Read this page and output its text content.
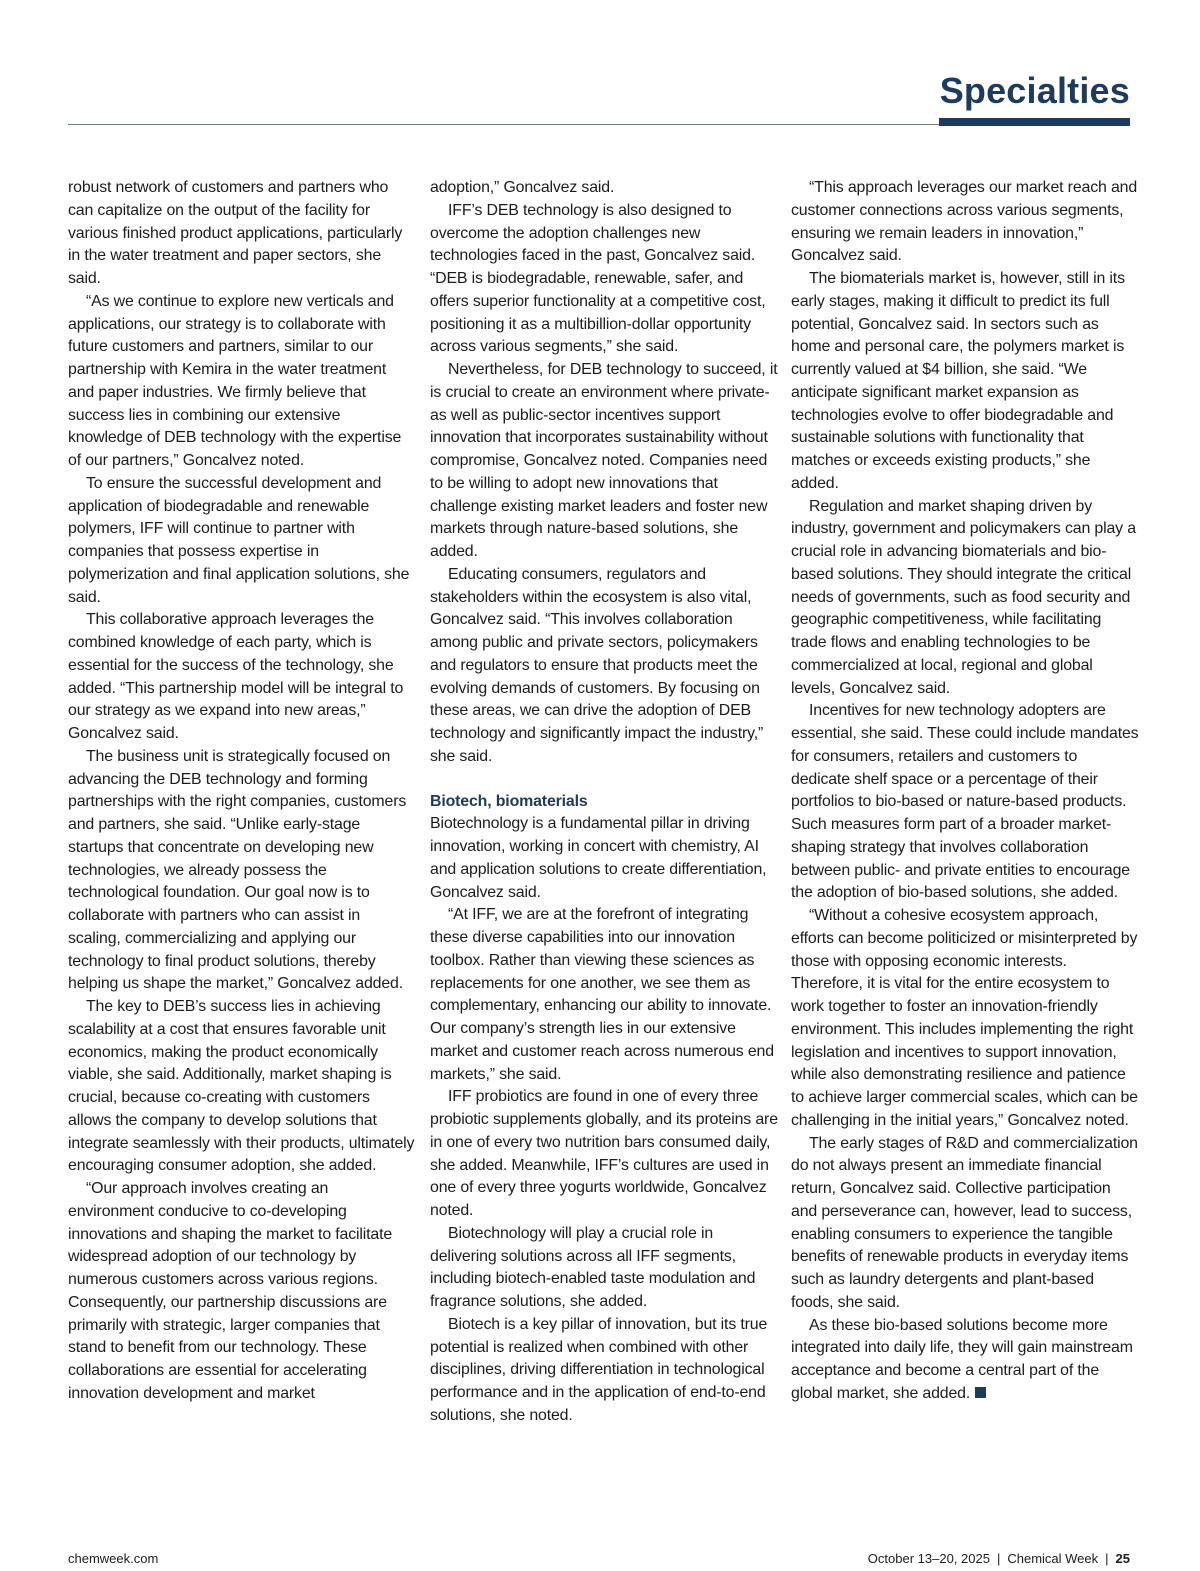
Specialties

robust network of customers and partners who can capitalize on the output of the facility for various finished product applications, particularly in the water treatment and paper sectors, she said.

“As we continue to explore new verticals and applications, our strategy is to collaborate with future customers and partners, similar to our partnership with Kemira in the water treatment and paper industries. We firmly believe that success lies in combining our extensive knowledge of DEB technology with the expertise of our partners,” Goncalvez noted.

To ensure the successful development and application of biodegradable and renewable polymers, IFF will continue to partner with companies that possess expertise in polymerization and final application solutions, she said.

This collaborative approach leverages the combined knowledge of each party, which is essential for the success of the technology, she added. “This partnership model will be integral to our strategy as we expand into new areas,” Goncalvez said.

The business unit is strategically focused on advancing the DEB technology and forming partnerships with the right companies, customers and partners, she said. “Unlike early-stage startups that concentrate on developing new technologies, we already possess the technological foundation. Our goal now is to collaborate with partners who can assist in scaling, commercializing and applying our technology to final product solutions, thereby helping us shape the market,” Goncalvez added.

The key to DEB’s success lies in achieving scalability at a cost that ensures favorable unit economics, making the product economically viable, she said. Additionally, market shaping is crucial, because co-creating with customers allows the company to develop solutions that integrate seamlessly with their products, ultimately encouraging consumer adoption, she added.

“Our approach involves creating an environment conducive to co-developing innovations and shaping the market to facilitate widespread adoption of our technology by numerous customers across various regions. Consequently, our partnership discussions are primarily with strategic, larger companies that stand to benefit from our technology. These collaborations are essential for accelerating innovation development and market

adoption,” Goncalvez said.

IFF’s DEB technology is also designed to overcome the adoption challenges new technologies faced in the past, Goncalvez said. “DEB is biodegradable, renewable, safer, and offers superior functionality at a competitive cost, positioning it as a multibillion-dollar opportunity across various segments,” she said.

Nevertheless, for DEB technology to succeed, it is crucial to create an environment where private- as well as public-sector incentives support innovation that incorporates sustainability without compromise, Goncalvez noted. Companies need to be willing to adopt new innovations that challenge existing market leaders and foster new markets through nature-based solutions, she added.

Educating consumers, regulators and stakeholders within the ecosystem is also vital, Goncalvez said. “This involves collaboration among public and private sectors, policymakers and regulators to ensure that products meet the evolving demands of customers. By focusing on these areas, we can drive the adoption of DEB technology and significantly impact the industry,” she said.

Biotech, biomaterials

Biotechnology is a fundamental pillar in driving innovation, working in concert with chemistry, AI and application solutions to create differentiation, Goncalvez said.

“At IFF, we are at the forefront of integrating these diverse capabilities into our innovation toolbox. Rather than viewing these sciences as replacements for one another, we see them as complementary, enhancing our ability to innovate. Our company’s strength lies in our extensive market and customer reach across numerous end markets,” she said.

IFF probiotics are found in one of every three probiotic supplements globally, and its proteins are in one of every two nutrition bars consumed daily, she added. Meanwhile, IFF’s cultures are used in one of every three yogurts worldwide, Goncalvez noted.

Biotechnology will play a crucial role in delivering solutions across all IFF segments, including biotech-enabled taste modulation and fragrance solutions, she added.

Biotech is a key pillar of innovation, but its true potential is realized when combined with other disciplines, driving differentiation in technological performance and in the application of end-to-end solutions, she noted.

“This approach leverages our market reach and customer connections across various segments, ensuring we remain leaders in innovation,” Goncalvez said.

The biomaterials market is, however, still in its early stages, making it difficult to predict its full potential, Goncalvez said. In sectors such as home and personal care, the polymers market is currently valued at $4 billion, she said. “We anticipate significant market expansion as technologies evolve to offer biodegradable and sustainable solutions with functionality that matches or exceeds existing products,” she added.

Regulation and market shaping driven by industry, government and policymakers can play a crucial role in advancing biomaterials and bio-based solutions. They should integrate the critical needs of governments, such as food security and geographic competitiveness, while facilitating trade flows and enabling technologies to be commercialized at local, regional and global levels, Goncalvez said.

Incentives for new technology adopters are essential, she said. These could include mandates for consumers, retailers and customers to dedicate shelf space or a percentage of their portfolios to bio-based or nature-based products. Such measures form part of a broader market-shaping strategy that involves collaboration between public- and private entities to encourage the adoption of bio-based solutions, she added.

“Without a cohesive ecosystem approach, efforts can become politicized or misinterpreted by those with opposing economic interests. Therefore, it is vital for the entire ecosystem to work together to foster an innovation-friendly environment. This includes implementing the right legislation and incentives to support innovation, while also demonstrating resilience and patience to achieve larger commercial scales, which can be challenging in the initial years,” Goncalvez noted.

The early stages of R&D and commercialization do not always present an immediate financial return, Goncalvez said. Collective participation and perseverance can, however, lead to success, enabling consumers to experience the tangible benefits of renewable products in everyday items such as laundry detergents and plant-based foods, she said.

As these bio-based solutions become more integrated into daily life, they will gain mainstream acceptance and become a central part of the global market, she added.

chemweek.com	October 13–20, 2025 | Chemical Week | 25
